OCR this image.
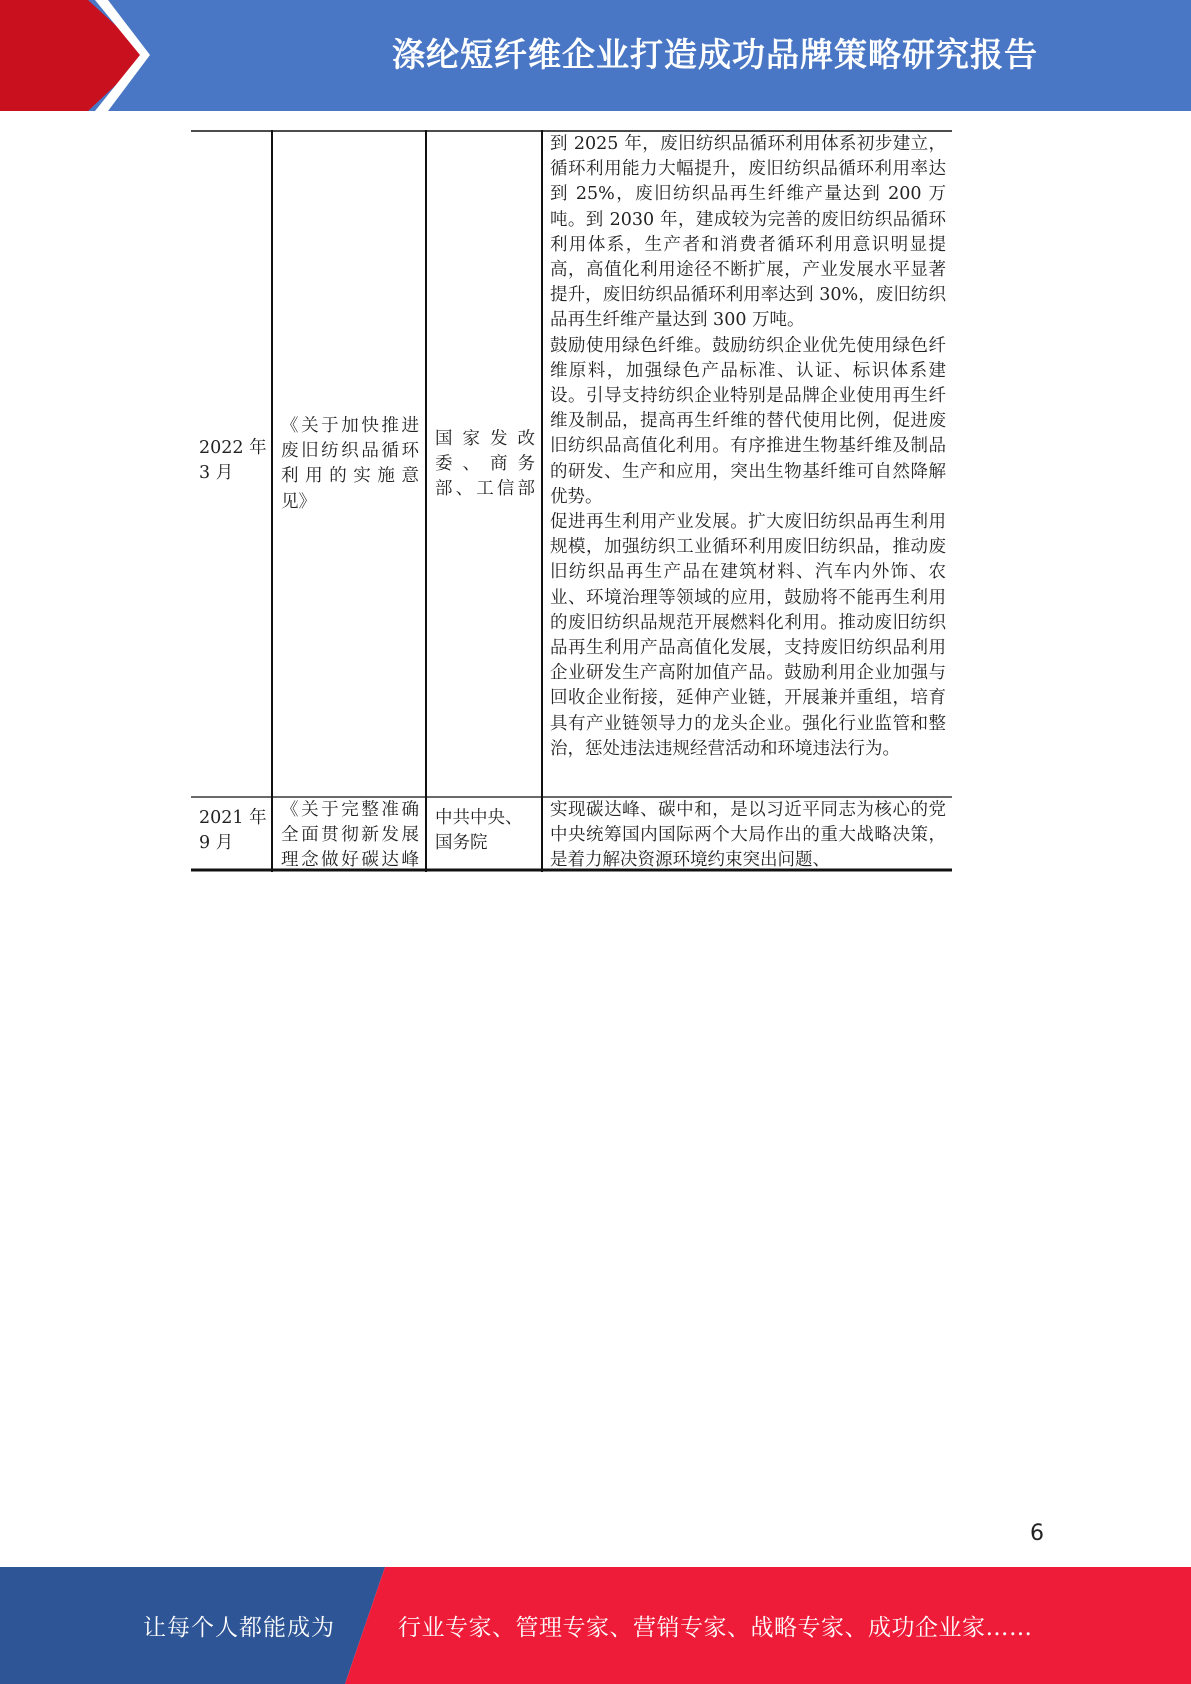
涤纶短纤维企业打造成功品牌策略研究报告
2022 年
3 月
《关于加快推进
废旧纺织品循环
利用的实施意
见》
国 家 发 改
委 、 商 务
部、工信部

到 2025 年，废旧纺织品循环利用体系初步建立，循环利用能力大幅提升，废旧纺织品循环利用率达到 25%，废旧纺织品再生纤维产量达到 200 万吨。到 2030 年，建成较为完善的废旧纺织品循环利用体系，生产者和消费者循环利用意识明显提高，高值化利用途径不断扩展，产业发展水平显著提升，废旧纺织品循环利用率达到 30%，废旧纺织品再生纤维产量达到 300 万吨。

鼓励使用绿色纤维。鼓励纺织企业优先使用绿色纤维原料，加强绿色产品标准、认证、标识体系建设。引导支持纺织企业特别是品牌企业使用再生纤维及制品，提高再生纤维的替代使用比例，促进废旧纺织品高值化利用。有序推进生物基纤维及制品的研发、生产和应用，突出生物基纤维可自然降解优势。

促进再生利用产业发展。扩大废旧纺织品再生利用规模，加强纺织工业循环利用废旧纺织品，推动废旧纺织品再生产品在建筑材料、汽车内外饰、农业、环境治理等领域的应用，鼓励将不能再生利用的废旧纺织品规范开展燃料化利用。推动废旧纺织品再生利用产品高值化发展，支持废旧纺织品利用企业研发生产高附加值产品。鼓励利用企业加强与回收企业衔接，延伸产业链，开展兼并重组，培育具有产业链领导力的龙头企业。强化行业监管和整治，惩处违法违规经营活动和环境违法行为。

2021 年
9 月
《关于完整准确
全面贯彻新发展
理念做好碳达峰
中共中央、
国务院

实现碳达峰、碳中和，是以习近平同志为核心的党中央统筹国内国际两个大局作出的重大战略决策，是着力解决资源环境约束突出问题、

6
让每个人都能成为	行业专家、管理专家、营销专家、战略专家、成功企业家……
